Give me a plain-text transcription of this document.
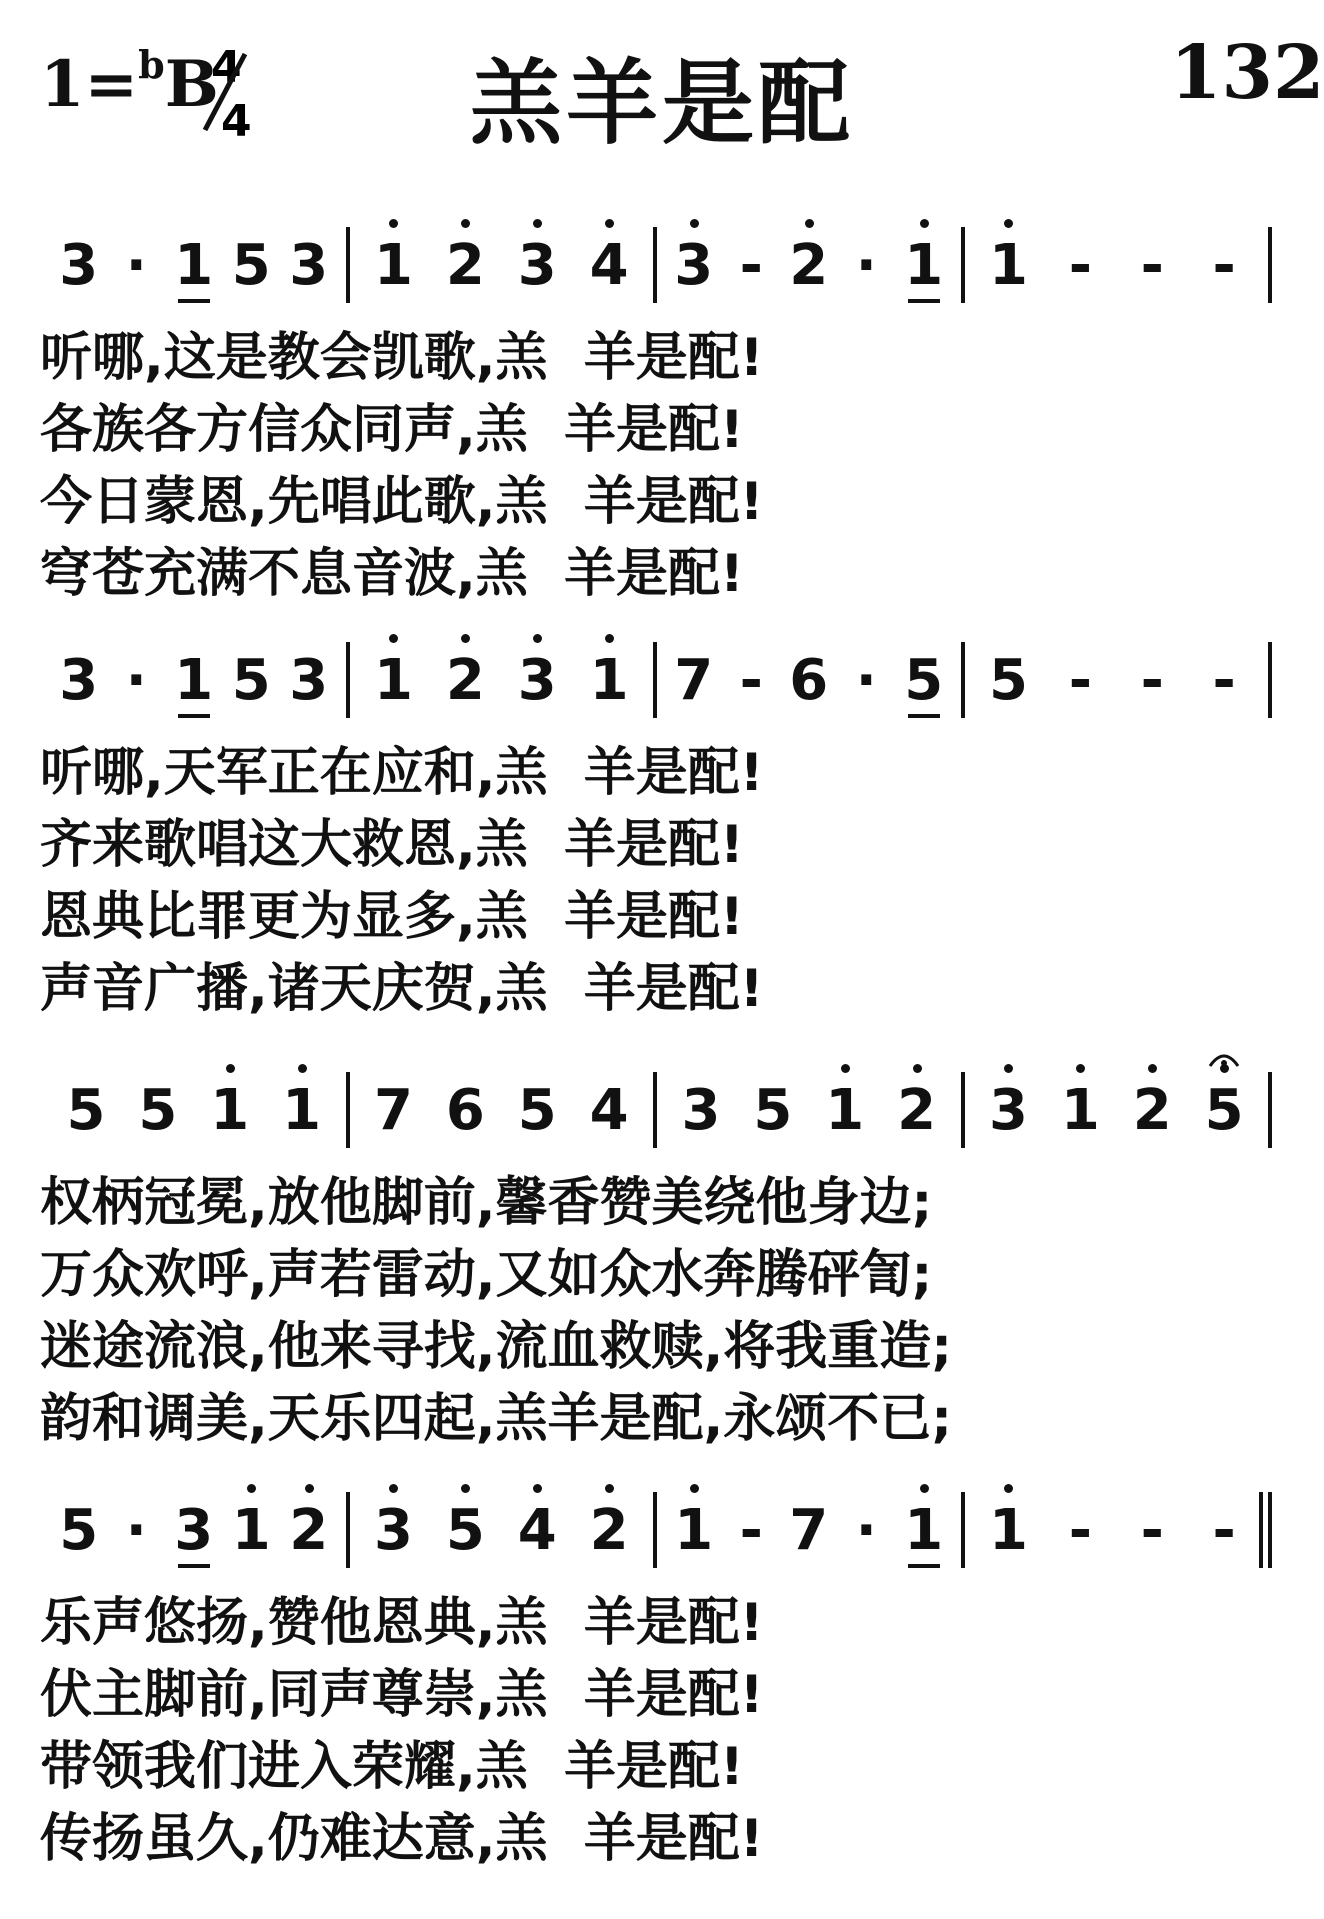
1=$^b$B
4
4 羔羊是配	132
3 · 1 5 3 1 2 3 4 3 - 2 · 1 1 - - -
听哪,这是教会凯歌,羔  羊是配!
各族各方信众同声,羔  羊是配!
今日蒙恩,先唱此歌,羔  羊是配!
穹苍充满不息音波,羔  羊是配!
3 · 1 5 3 1 2 3 1 7 - 6 · 5 5 - - -
听哪,天军正在应和,羔  羊是配!
齐来歌唱这大救恩,羔  羊是配!
恩典比罪更为显多,羔  羊是配!
声音广播,诸天庆贺,羔  羊是配!
5 5 1 1 7 6 5 4 3 5 1 2 3 1 2 5
权柄冠冕,放他脚前,馨香赞美绕他身边;
万众欢呼,声若雷动,又如众水奔腾砰訇;
迷途流浪,他来寻找,流血救赎,将我重造;
韵和调美,天乐四起,羔羊是配,永颂不已;
5 · 3 1 2 3 5 4 2 1 - 7 · 1 1 - - -
乐声悠扬,赞他恩典,羔  羊是配!
伏主脚前,同声尊崇,羔  羊是配!
带领我们进入荣耀,羔  羊是配!
传扬虽久,仍难达意,羔  羊是配!
